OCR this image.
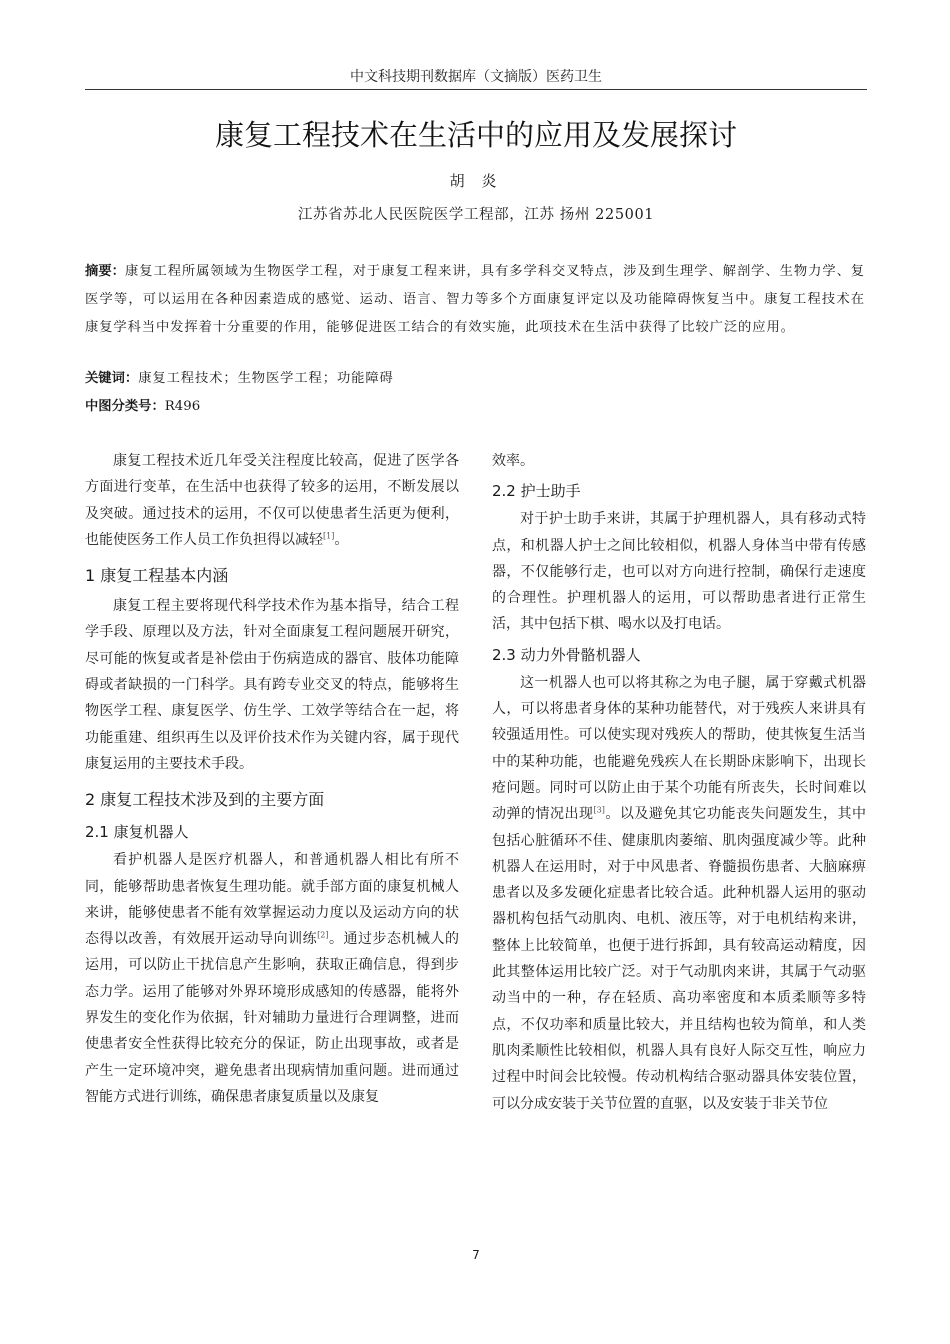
中文科技期刊数据库（文摘版）医药卫生
康复工程技术在生活中的应用及发展探讨
胡 炎
江苏省苏北人民医院医学工程部，江苏 扬州 225001
摘要：康复工程所属领域为生物医学工程，对于康复工程来讲，具有多学科交叉特点，涉及到生理学、解剖学、生物力学、复医学等，可以运用在各种因素造成的感觉、运动、语言、智力等多个方面康复评定以及功能障碍恢复当中。康复工程技术在康复学科当中发挥着十分重要的作用，能够促进医工结合的有效实施，此项技术在生活中获得了比较广泛的应用。
关键词：康复工程技术；生物医学工程；功能障碍
中图分类号：R496

康复工程技术近几年受关注程度比较高，促进了医学各方面进行变革，在生活中也获得了较多的运用，不断发展以及突破。通过技术的运用，不仅可以使患者生活更为便利，也能使医务工作人员工作负担得以减轻[1]。

1 康复工程基本内涵

康复工程主要将现代科学技术作为基本指导，结合工程学手段、原理以及方法，针对全面康复工程问题展开研究，尽可能的恢复或者是补偿由于伤病造成的器官、肢体功能障碍或者缺损的一门科学。具有跨专业交叉的特点，能够将生物医学工程、康复医学、仿生学、工效学等结合在一起，将功能重建、组织再生以及评价技术作为关键内容，属于现代康复运用的主要技术手段。

2 康复工程技术涉及到的主要方面
2.1 康复机器人

看护机器人是医疗机器人，和普通机器人相比有所不同，能够帮助患者恢复生理功能。就手部方面的康复机械人来讲，能够使患者不能有效掌握运动力度以及运动方向的状态得以改善，有效展开运动导向训练[2]。通过步态机械人的运用，可以防止干扰信息产生影响，获取正确信息，得到步态力学。运用了能够对外界环境形成感知的传感器，能将外界发生的变化作为依据，针对辅助力量进行合理调整，进而使患者安全性获得比较充分的保证，防止出现事故，或者是产生一定环境冲突，避免患者出现病情加重问题。进而通过智能方式进行训练，确保患者康复质量以及康复

效率。

2.2 护士助手

对于护士助手来讲，其属于护理机器人，具有移动式特点，和机器人护士之间比较相似，机器人身体当中带有传感器，不仅能够行走，也可以对方向进行控制，确保行走速度的合理性。护理机器人的运用，可以帮助患者进行正常生活，其中包括下棋、喝水以及打电话。

2.3 动力外骨骼机器人

这一机器人也可以将其称之为电子腿，属于穿戴式机器人，可以将患者身体的某种功能替代，对于残疾人来讲具有较强适用性。可以使实现对残疾人的帮助，使其恢复生活当中的某种功能，也能避免残疾人在长期卧床影响下，出现长疮问题。同时可以防止由于某个功能有所丧失，长时间难以动弹的情况出现[3]。以及避免其它功能丧失问题发生，其中包括心脏循环不佳、健康肌肉萎缩、肌肉强度减少等。此种机器人在运用时，对于中风患者、脊髓损伤患者、大脑麻痹患者以及多发硬化症患者比较合适。此种机器人运用的驱动器机构包括气动肌肉、电机、液压等，对于电机结构来讲，整体上比较简单，也便于进行拆卸，具有较高运动精度，因此其整体运用比较广泛。对于气动肌肉来讲，其属于气动驱动当中的一种，存在轻质、高功率密度和本质柔顺等多特点，不仅功率和质量比较大，并且结构也较为简单，和人类肌肉柔顺性比较相似，机器人具有良好人际交互性，响应力过程中时间会比较慢。传动机构结合驱动器具体安装位置，可以分成安装于关节位置的直驱，以及安装于非关节位

7
